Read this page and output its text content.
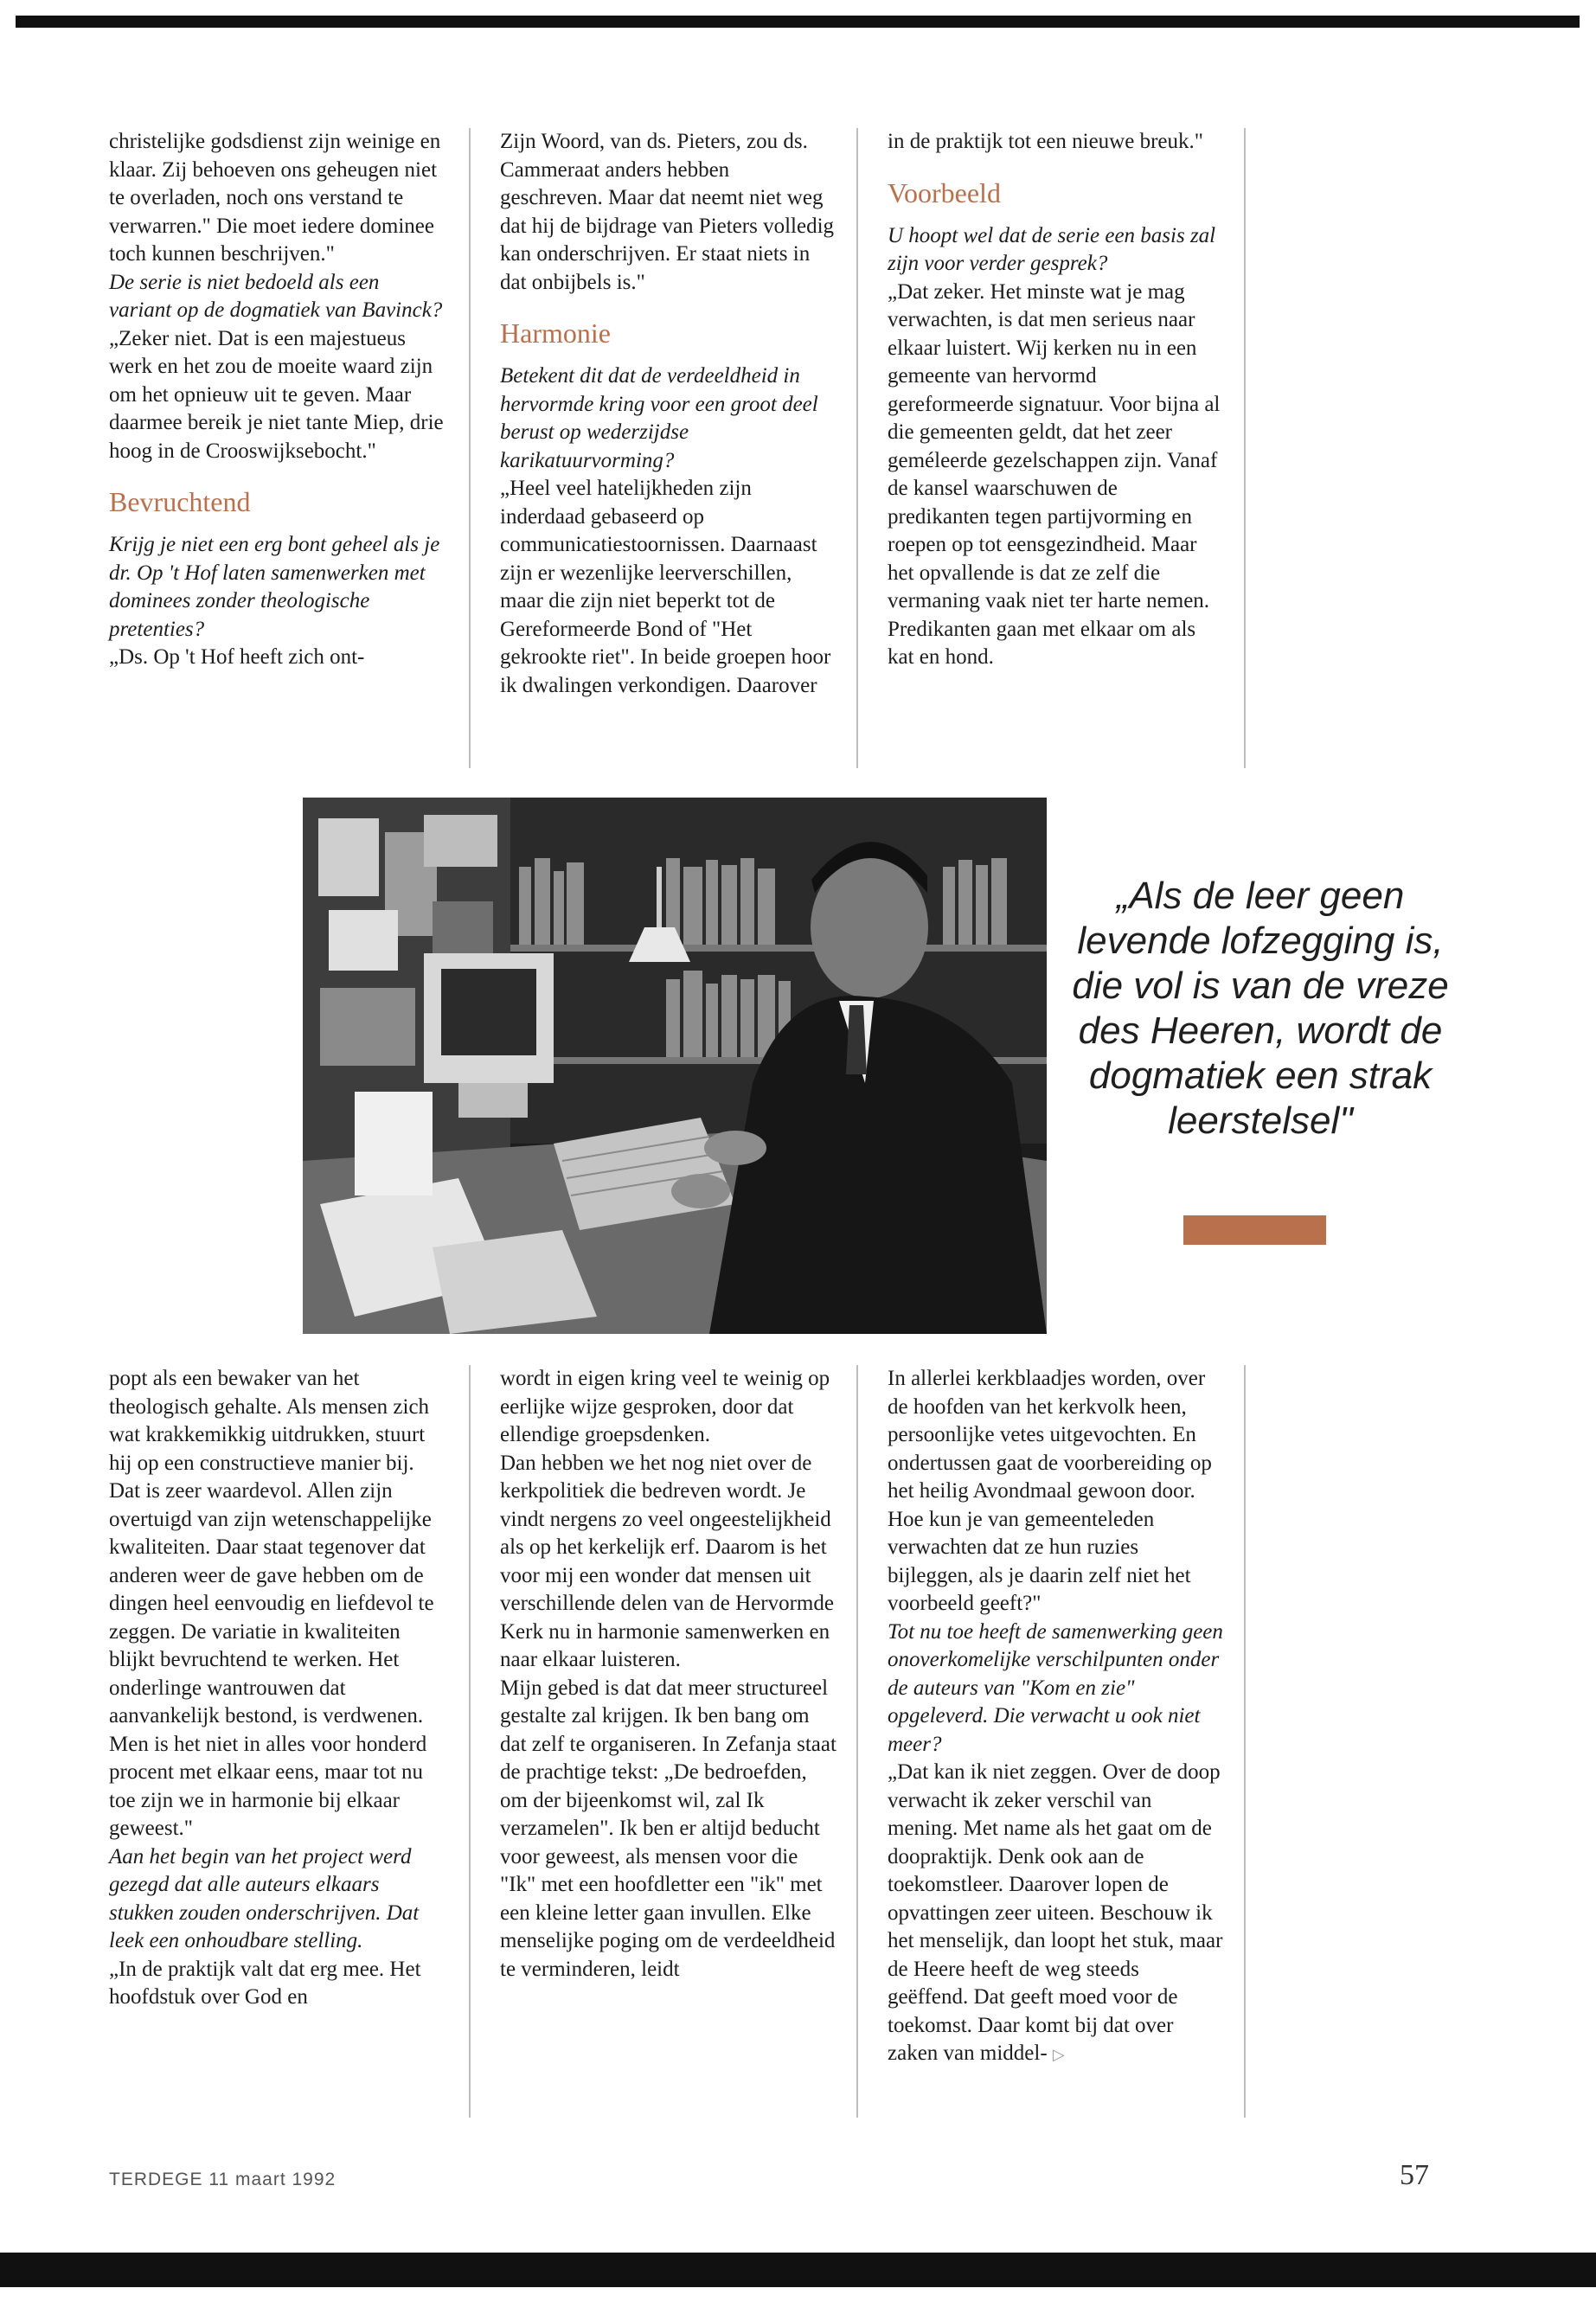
christelijke godsdienst zijn weinige en klaar. Zij behoeven ons geheugen niet te overladen, noch ons verstand te verwarren." Die moet iedere dominee toch kunnen beschrijven."

De serie is niet bedoeld als een variant op de dogmatiek van Bavinck?

„Zeker niet. Dat is een majestueus werk en het zou de moeite waard zijn om het opnieuw uit te geven. Maar daarmee bereik je niet tante Miep, drie hoog in de Crooswijksebocht."

Bevruchtend

Krijg je niet een erg bont geheel als je dr. Op 't Hof laten samenwerken met dominees zonder theologische pretenties?

„Ds. Op 't Hof heeft zich ont-

Zijn Woord, van ds. Pieters, zou ds. Cammeraat anders hebben geschreven. Maar dat neemt niet weg dat hij de bijdrage van Pieters volledig kan onderschrijven. Er staat niets in dat onbijbels is."

Harmonie

Betekent dit dat de verdeeldheid in hervormde kring voor een groot deel berust op wederzijdse karikatuurvorming?

„Heel veel hatelijkheden zijn inderdaad gebaseerd op communicatiestoornissen. Daarnaast zijn er wezenlijke leerverschillen, maar die zijn niet beperkt tot de Gereformeerde Bond of "Het gekrookte riet". In beide groepen hoor ik dwalingen verkondigen. Daarover

in de praktijk tot een nieuwe breuk."

Voorbeeld

U hoopt wel dat de serie een basis zal zijn voor verder gesprek?

„Dat zeker. Het minste wat je mag verwachten, is dat men serieus naar elkaar luistert. Wij kerken nu in een gemeente van hervormd gereformeerde signatuur. Voor bijna al die gemeenten geldt, dat het zeer geméleerde gezelschappen zijn. Vanaf de kansel waarschuwen de predikanten tegen partijvorming en roepen op tot eensgezindheid. Maar het opvallende is dat ze zelf die vermaning vaak niet ter harte nemen. Predikanten gaan met elkaar om als kat en hond.

„Als de leer geen levende lofzegging is, die vol is van de vreze des Heeren, wordt de dogmatiek een strak leerstelsel"

popt als een bewaker van het theologisch gehalte. Als mensen zich wat krakkemikkig uitdrukken, stuurt hij op een constructieve manier bij. Dat is zeer waardevol. Allen zijn overtuigd van zijn wetenschappelijke kwaliteiten. Daar staat tegenover dat anderen weer de gave hebben om de dingen heel eenvoudig en liefdevol te zeggen. De variatie in kwaliteiten blijkt bevruchtend te werken. Het onderlinge wantrouwen dat aanvankelijk bestond, is verdwenen. Men is het niet in alles voor honderd procent met elkaar eens, maar tot nu toe zijn we in harmonie bij elkaar geweest."

Aan het begin van het project werd gezegd dat alle auteurs elkaars stukken zouden onderschrijven. Dat leek een onhoudbare stelling.

„In de praktijk valt dat erg mee. Het hoofdstuk over God en

wordt in eigen kring veel te weinig op eerlijke wijze gesproken, door dat ellendige groepsdenken.

Dan hebben we het nog niet over de kerkpolitiek die bedreven wordt. Je vindt nergens zo veel ongeestelijkheid als op het kerkelijk erf. Daarom is het voor mij een wonder dat mensen uit verschillende delen van de Hervormde Kerk nu in harmonie samenwerken en naar elkaar luisteren.

Mijn gebed is dat dat meer structureel gestalte zal krijgen. Ik ben bang om dat zelf te organiseren. In Zefanja staat de prachtige tekst: „De bedroefden, om der bijeenkomst wil, zal Ik verzamelen". Ik ben er altijd beducht voor geweest, als mensen voor die "Ik" met een hoofdletter een "ik" met een kleine letter gaan invullen. Elke menselijke poging om de verdeeldheid te verminderen, leidt

In allerlei kerkblaadjes worden, over de hoofden van het kerkvolk heen, persoonlijke vetes uitgevochten. En ondertussen gaat de voorbereiding op het heilig Avondmaal gewoon door. Hoe kun je van gemeenteleden verwachten dat ze hun ruzies bijleggen, als je daarin zelf niet het voorbeeld geeft?"

Tot nu toe heeft de samenwerking geen onoverkomelijke verschilpunten onder de auteurs van "Kom en zie" opgeleverd. Die verwacht u ook niet meer?

„Dat kan ik niet zeggen. Over de doop verwacht ik zeker verschil van mening. Met name als het gaat om de doopraktijk. Denk ook aan de toekomstleer. Daarover lopen de opvattingen zeer uiteen. Beschouw ik het menselijk, dan loopt het stuk, maar de Heere heeft de weg steeds geëffend. Dat geeft moed voor de toekomst. Daar komt bij dat over zaken van middel- ▷

TERDEGE 11 maart 1992	57
